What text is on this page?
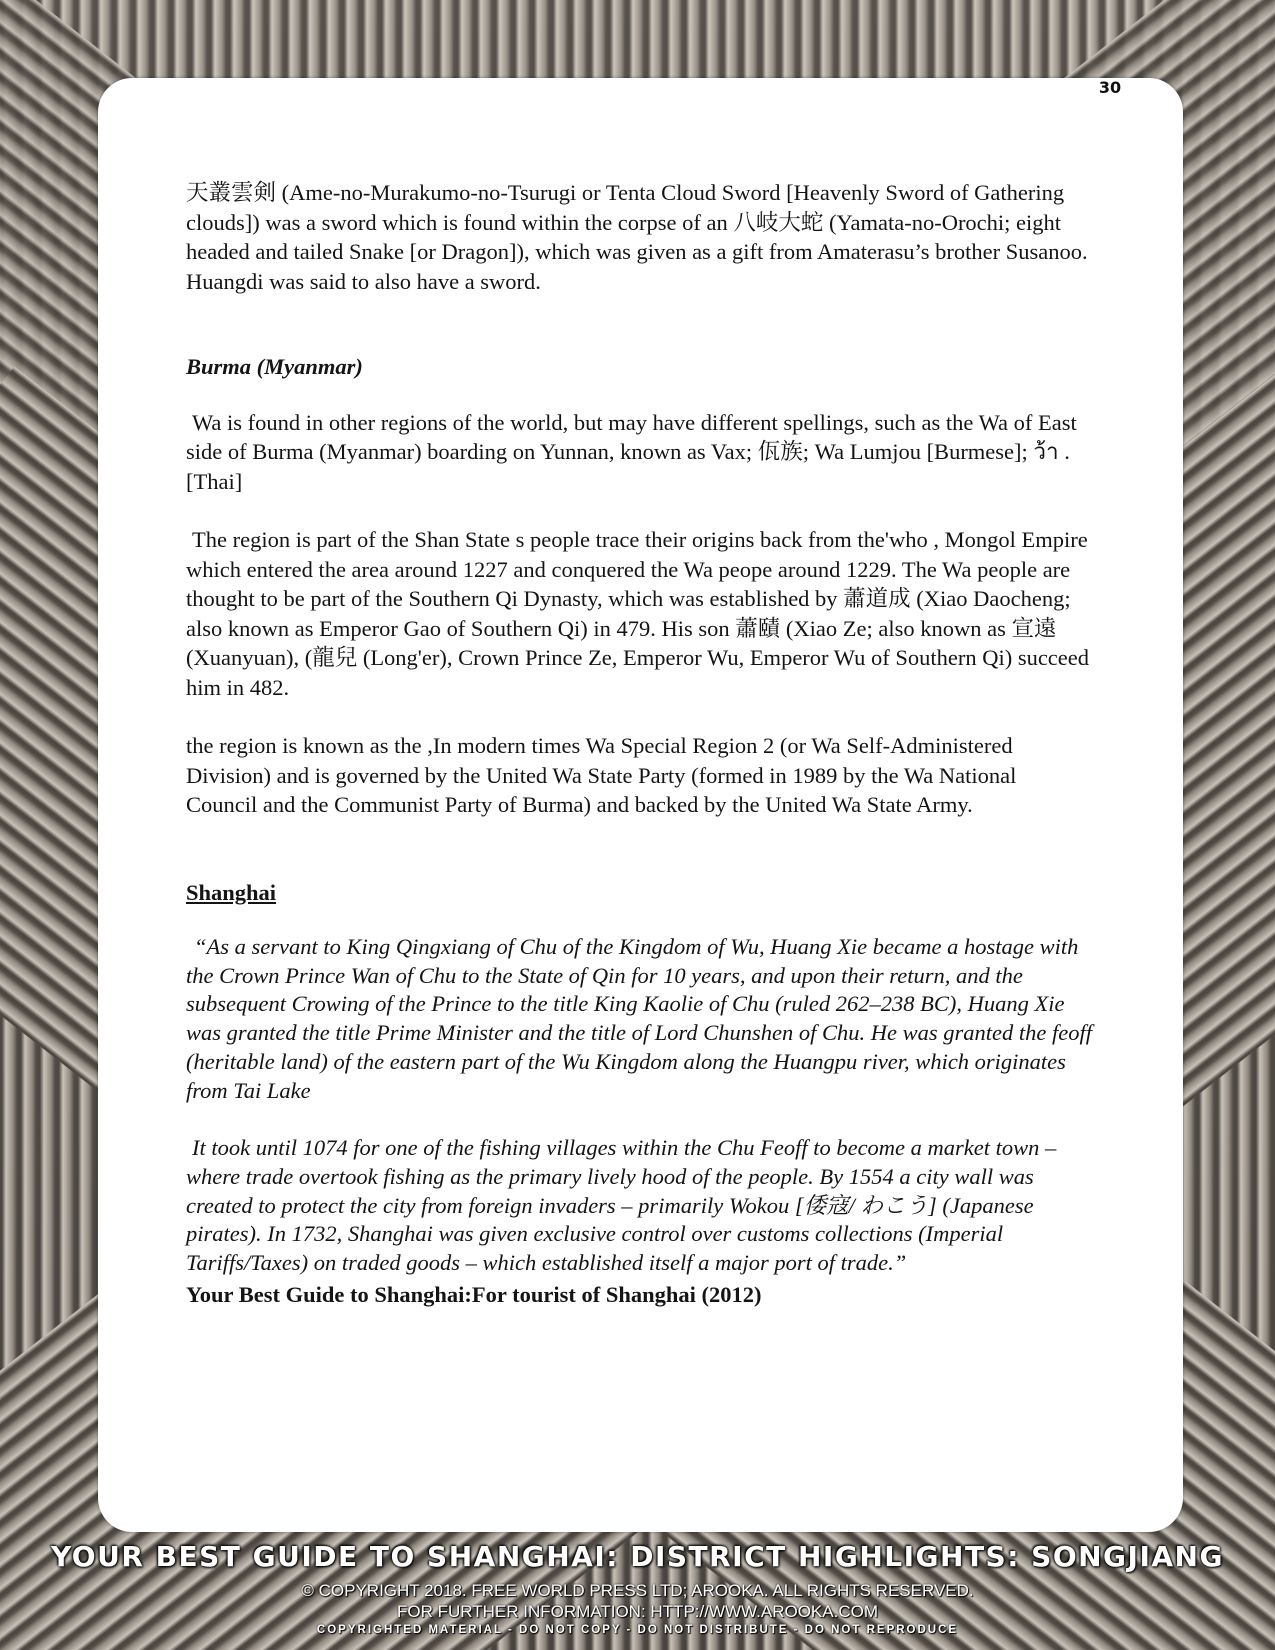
30

天叢雲剣 (Ame-no-Murakumo-no-Tsurugi or Tenta Cloud Sword [Heavenly Sword of Gathering clouds]) was a sword which is found within the corpse of an 八岐大蛇 (Yamata-no-Orochi; eight headed and tailed Snake [or Dragon]), which was given as a gift from Amaterasu’s brother Susanoo. Huangdi was said to also have a sword.

Burma (Myanmar)

Wa is found in other regions of the world, but may have different spellings, such as the Wa of East side of Burma (Myanmar) boarding on Yunnan, known as Vax; 佤族; Wa Lumjou [Burmese]; ว้า .[Thai]

The region is part of the Shan State s people trace their origins back from the'who , Mongol Empire which entered the area around 1227 and conquered the Wa peope around 1229. The Wa people are thought to be part of the Southern Qi Dynasty, which was established by 蕭道成 (Xiao Daocheng; also known as Emperor Gao of Southern Qi) in 479. His son 蕭賾 (Xiao Ze; also known as 宣遠 (Xuanyuan), (龍兒 (Long'er), Crown Prince Ze, Emperor Wu, Emperor Wu of Southern Qi) succeed him in 482.

the region is known as the ,In modern times Wa Special Region 2 (or Wa Self-Administered Division) and is governed by the United Wa State Party (formed in 1989 by the Wa National Council and the Communist Party of Burma) and backed by the United Wa State Army.

Shanghai

“As a servant to King Qingxiang of Chu of the Kingdom of Wu, Huang Xie became a hostage with the Crown Prince Wan of Chu to the State of Qin for 10 years, and upon their return, and the subsequent Crowing of the Prince to the title King Kaolie of Chu (ruled 262–238 BC), Huang Xie was granted the title Prime Minister and the title of Lord Chunshen of Chu. He was granted the feoff (heritable land) of the eastern part of the Wu Kingdom along the Huangpu river, which originates from Tai Lake

It took until 1074 for one of the fishing villages within the Chu Feoff to become a market town – where trade overtook fishing as the primary lively hood of the people. By 1554 a city wall was created to protect the city from foreign invaders – primarily Wokou [倭寇/ わこう] (Japanese pirates). In 1732, Shanghai was given exclusive control over customs collections (Imperial Tariffs/Taxes) on traded goods – which established itself a major port of trade.”

Your Best Guide to Shanghai:For tourist of Shanghai (2012)

YOUR BEST GUIDE TO SHANGHAI: DISTRICT HIGHLIGHTS: SONGJIANG
© COPYRIGHT 2018. FREE WORLD PRESS LTD; AROOKA. ALL RIGHTS RESERVED.
FOR FURTHER INFORMATION: HTTP://WWW.AROOKA.COM
COPYRIGHTED MATERIAL - DO NOT COPY - DO NOT DISTRIBUTE - DO NOT REPRODUCE
